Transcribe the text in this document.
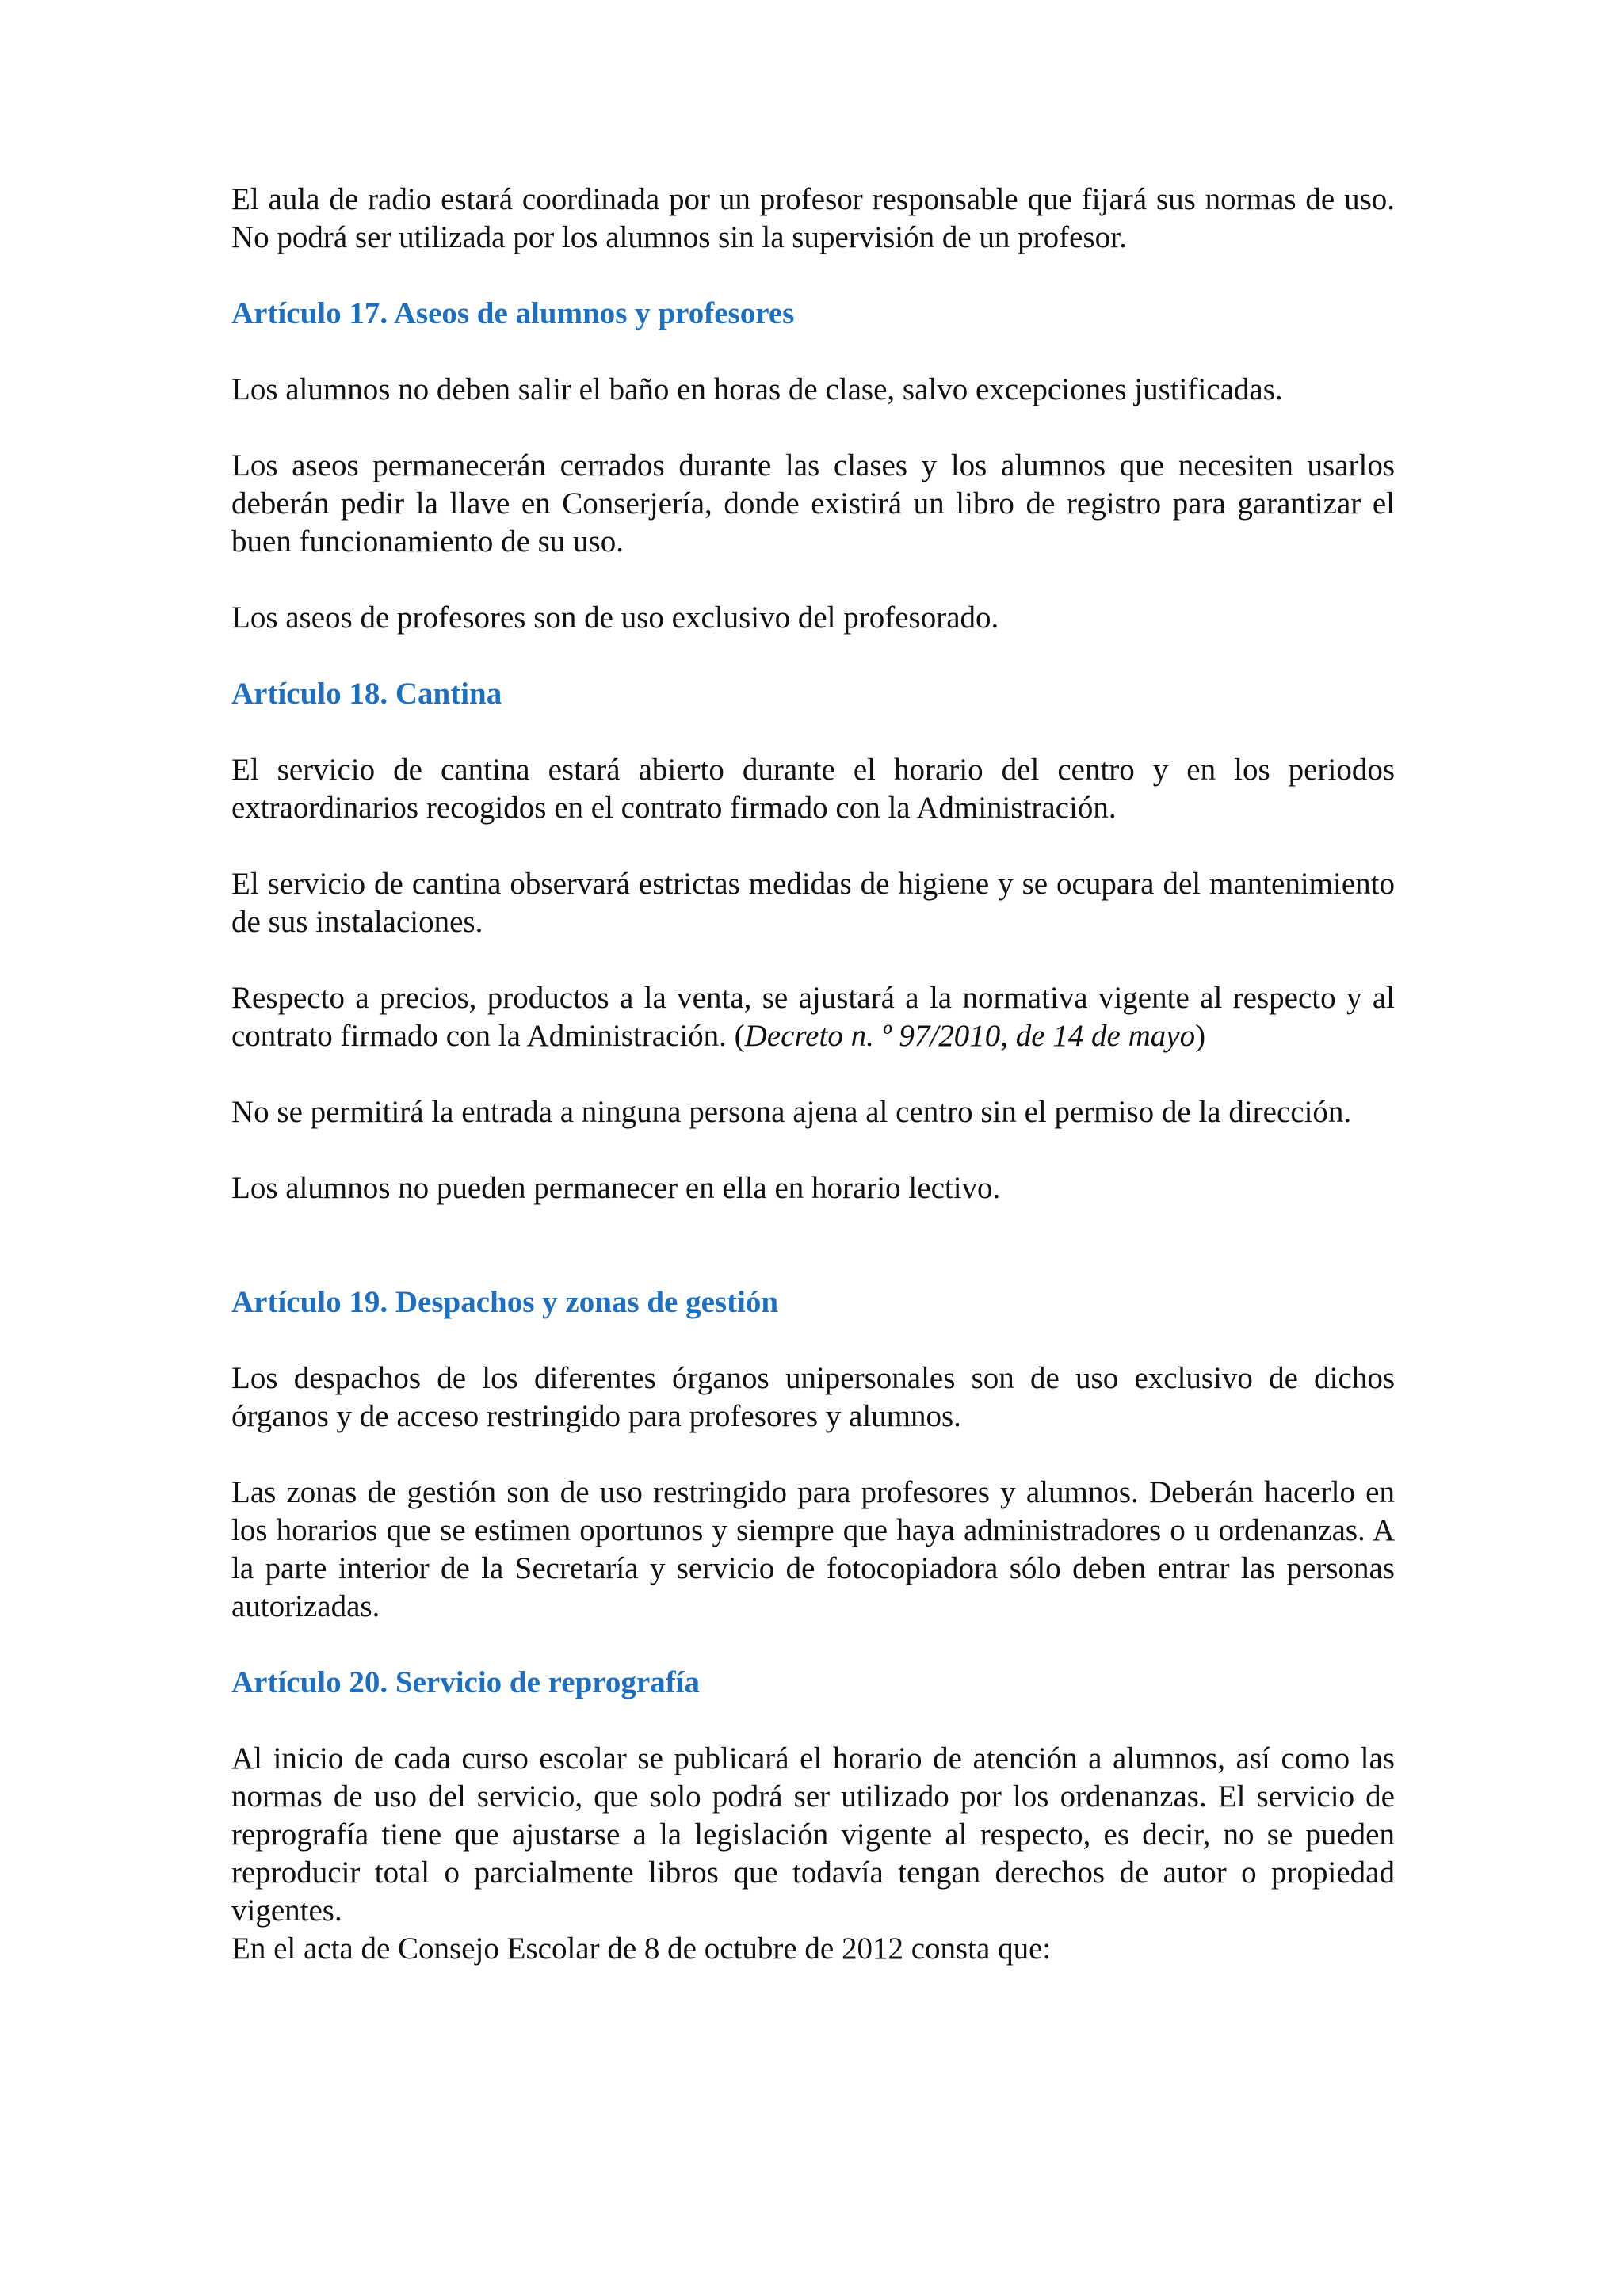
El aula de radio estará coordinada por un profesor responsable que fijará sus normas de uso. No podrá ser utilizada por los alumnos sin la supervisión de un profesor.

Artículo 17. Aseos de alumnos y profesores

Los alumnos no deben salir el baño en horas de clase, salvo excepciones justificadas.

Los aseos permanecerán cerrados durante las clases y los alumnos que necesiten usarlos deberán pedir la llave en Conserjería, donde existirá un libro de registro para garantizar el buen funcionamiento de su uso.

Los aseos de profesores son de uso exclusivo del profesorado.

Artículo 18. Cantina

El servicio de cantina estará abierto durante el horario del centro y en los periodos extraordinarios recogidos en el contrato firmado con la Administración.

El servicio de cantina observará estrictas medidas de higiene y se ocupara del mantenimiento de sus instalaciones.

Respecto a precios, productos a la venta, se ajustará a la normativa vigente al respecto y al contrato firmado con la Administración. (Decreto n. º 97/2010, de 14 de mayo)

No se permitirá la entrada a ninguna persona ajena al centro sin el permiso de la dirección.

Los alumnos no pueden permanecer en ella en horario lectivo.

Artículo 19. Despachos y zonas de gestión

Los despachos de los diferentes órganos unipersonales son de uso exclusivo de dichos órganos y de acceso restringido para profesores y alumnos.

Las zonas de gestión son de uso restringido para profesores y alumnos. Deberán hacerlo en los horarios que se estimen oportunos y siempre que haya administradores o u ordenanzas. A la parte interior de la Secretaría y servicio de fotocopiadora sólo deben entrar las personas autorizadas.

Artículo 20. Servicio de reprografía

Al inicio de cada curso escolar se publicará el horario de atención a alumnos, así como las normas de uso del servicio, que solo podrá ser utilizado por los ordenanzas. El servicio de reprografía tiene que ajustarse a la legislación vigente al respecto, es decir, no se pueden reproducir total o parcialmente libros que todavía tengan derechos de autor o propiedad vigentes.

En el acta de Consejo Escolar de 8 de octubre de 2012 consta que:
